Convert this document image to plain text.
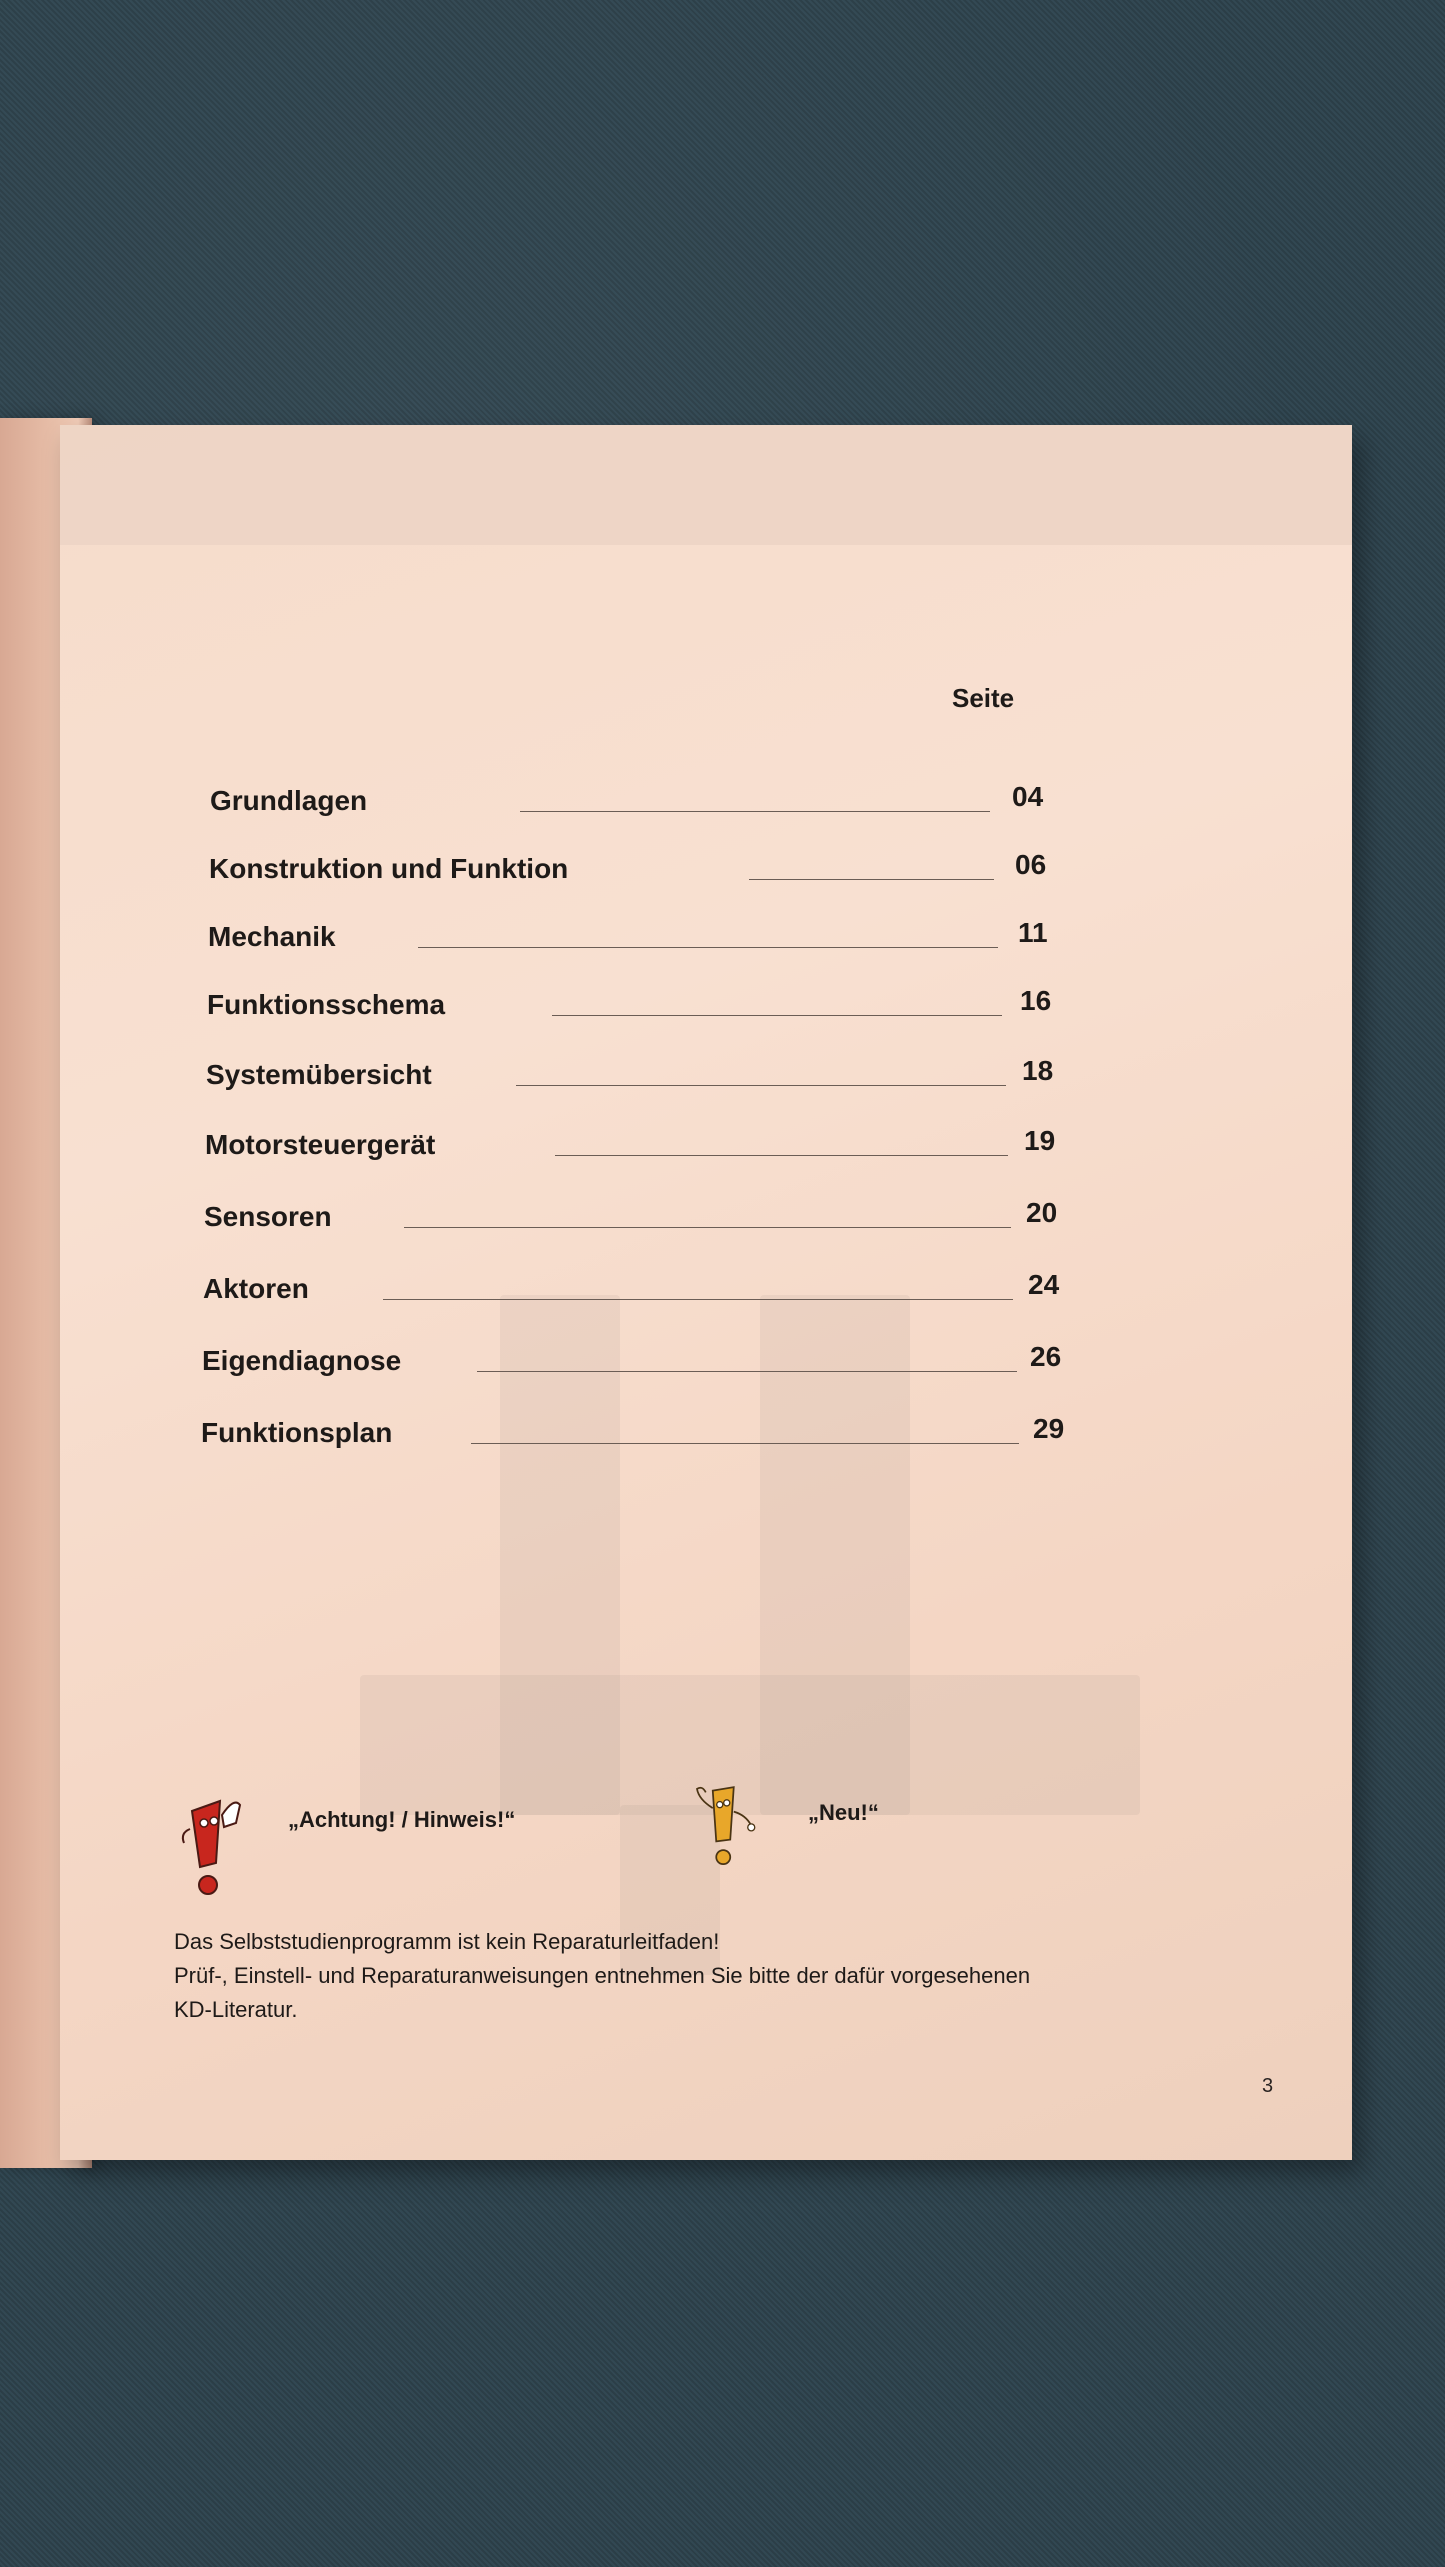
Seite
Grundlagen	04
Konstruktion und Funktion	06
Mechanik	11
Funktionsschema	16
Systemübersicht	18
Motorsteuergerät	19
Sensoren	20
Aktoren	24
Eigendiagnose	26
Funktionsplan	29
„Achtung! / Hinweis!“	„Neu!“
Das Selbststudienprogramm ist kein Reparaturleitfaden!
Prüf-, Einstell- und Reparaturanweisungen entnehmen Sie bitte der dafür vorgesehenen
KD-Literatur.
3
